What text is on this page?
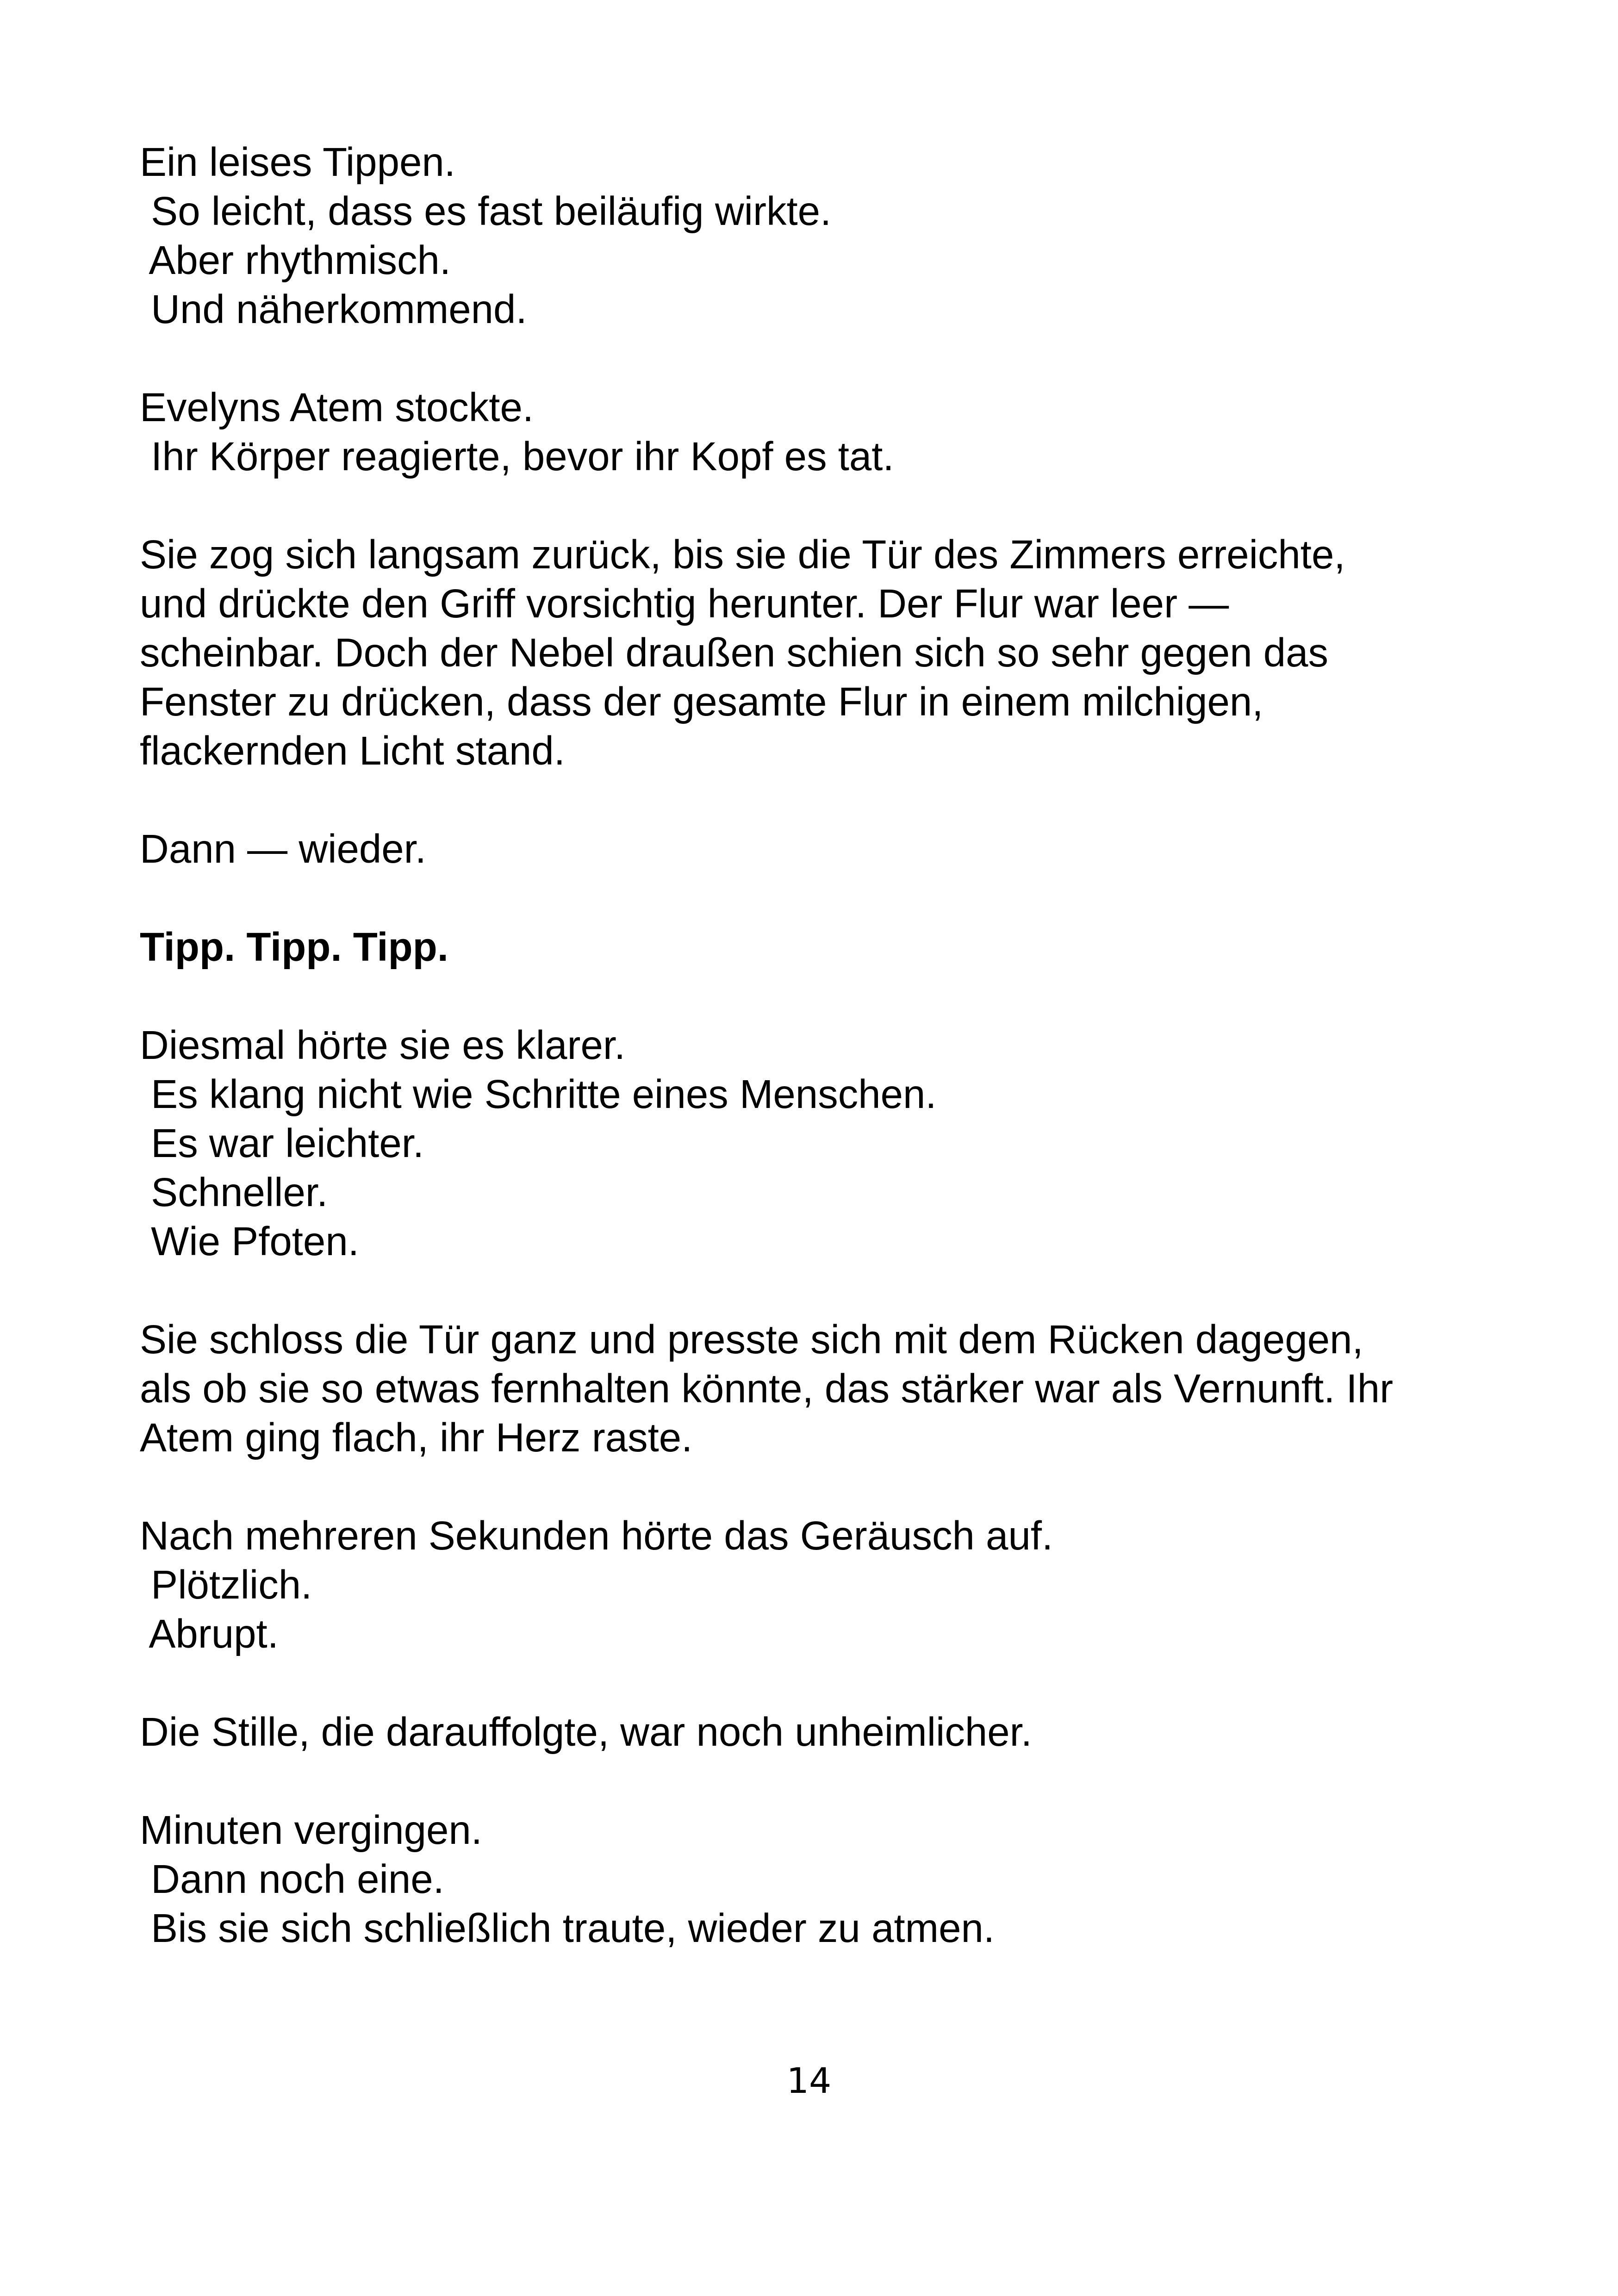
Ein leises Tippen.
So leicht, dass es fast beiläufig wirkte.
Aber rhythmisch.
Und näherkommend.

Evelyns Atem stockte.
Ihr Körper reagierte, bevor ihr Kopf es tat.

Sie zog sich langsam zurück, bis sie die Tür des Zimmers erreichte,
und drückte den Griff vorsichtig herunter. Der Flur war leer —
scheinbar. Doch der Nebel draußen schien sich so sehr gegen das
Fenster zu drücken, dass der gesamte Flur in einem milchigen,
flackernden Licht stand.

Dann — wieder.

Tipp. Tipp. Tipp.

Diesmal hörte sie es klarer.
Es klang nicht wie Schritte eines Menschen.
Es war leichter.
Schneller.
Wie Pfoten.

Sie schloss die Tür ganz und presste sich mit dem Rücken dagegen,
als ob sie so etwas fernhalten könnte, das stärker war als Vernunft. Ihr
Atem ging flach, ihr Herz raste.

Nach mehreren Sekunden hörte das Geräusch auf.
Plötzlich.
Abrupt.

Die Stille, die darauffolgte, war noch unheimlicher.

Minuten vergingen.
Dann noch eine.
Bis sie sich schließlich traute, wieder zu atmen.

14
